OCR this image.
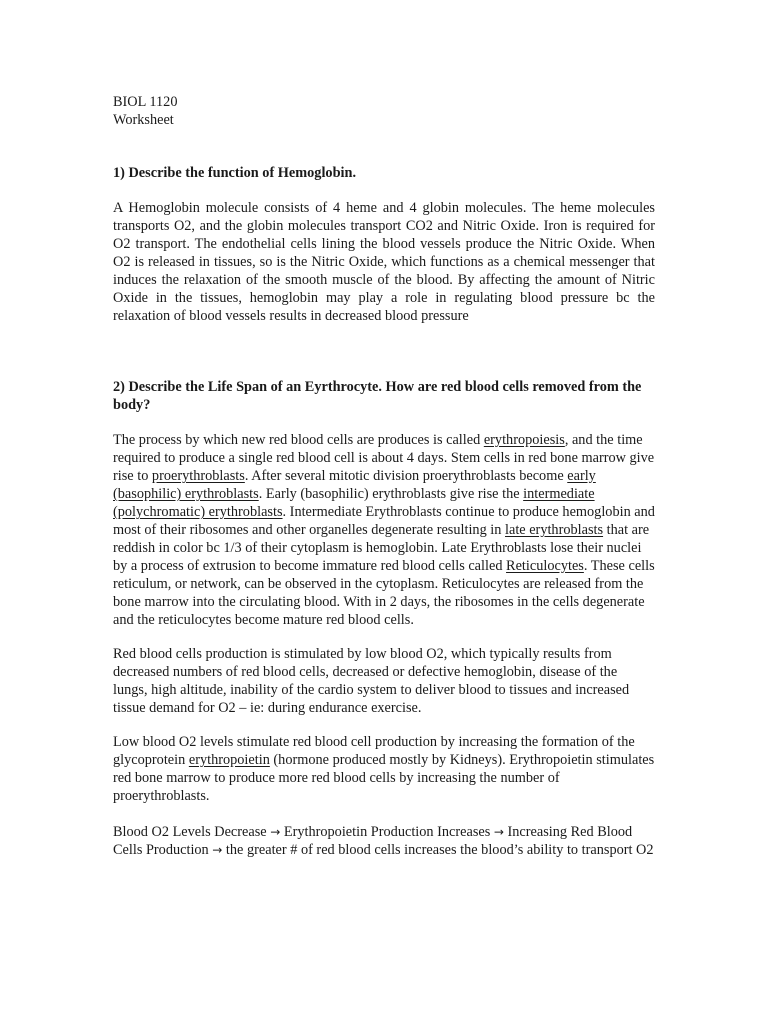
BIOL 1120

Worksheet

1) Describe the function of Hemoglobin.

A Hemoglobin molecule consists of 4 heme and 4 globin molecules. The heme molecules transports O2, and the globin molecules transport CO2 and Nitric Oxide. Iron is required for O2 transport. The endothelial cells lining the blood vessels produce the Nitric Oxide. When O2 is released in tissues, so is the Nitric Oxide, which functions as a chemical messenger that induces the relaxation of the smooth muscle of the blood. By affecting the amount of Nitric Oxide in the tissues, hemoglobin may play a role in regulating blood pressure bc the relaxation of blood vessels results in decreased blood pressure

2) Describe the Life Span of an Eyrthrocyte. How are red blood cells removed from the body?

The process by which new red blood cells are produces is called erythropoiesis, and the time required to produce a single red blood cell is about 4 days. Stem cells in red bone marrow give rise to proerythroblasts. After several mitotic division proerythroblasts become early (basophilic) erythroblasts. Early (basophilic) erythroblasts give rise the intermediate (polychromatic) erythroblasts. Intermediate Erythroblasts continue to produce hemoglobin and most of their ribosomes and other organelles degenerate resulting in late erythroblasts that are reddish in color bc 1/3 of their cytoplasm is hemoglobin. Late Erythroblasts lose their nuclei by a process of extrusion to become immature red blood cells called Reticulocytes. These cells reticulum, or network, can be observed in the cytoplasm. Reticulocytes are released from the bone marrow into the circulating blood. With in 2 days, the ribosomes in the cells degenerate and the reticulocytes become mature red blood cells.

Red blood cells production is stimulated by low blood O2, which typically results from decreased numbers of red blood cells, decreased or defective hemoglobin, disease of the lungs, high altitude, inability of the cardio system to deliver blood to tissues and increased tissue demand for O2 – ie: during endurance exercise.

Low blood O2 levels stimulate red blood cell production by increasing the formation of the glycoprotein erythropoietin (hormone produced mostly by Kidneys). Erythropoietin stimulates red bone marrow to produce more red blood cells by increasing the number of proerythroblasts.

Blood O2 Levels Decrease → Erythropoietin Production Increases → Increasing Red Blood Cells Production → the greater # of red blood cells increases the blood’s ability to transport O2
